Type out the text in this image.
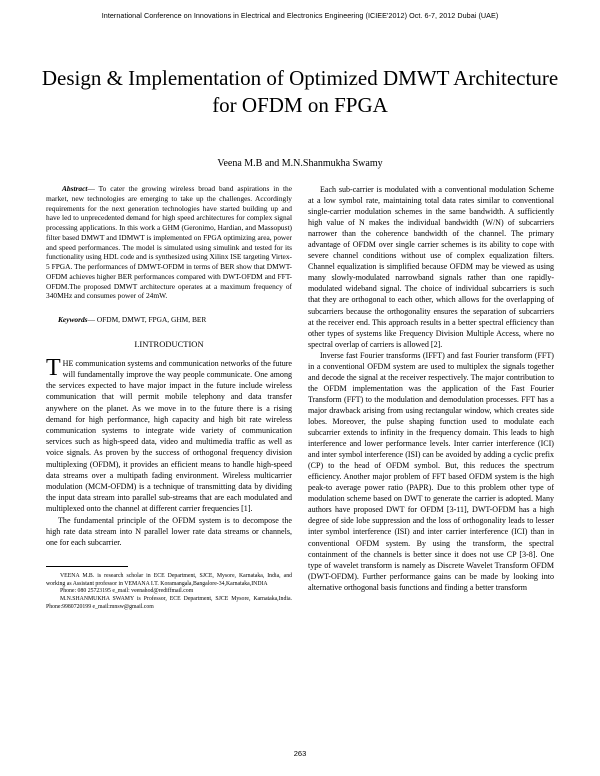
International Conference on Innovations in Electrical and Electronics Engineering (ICIEE'2012) Oct. 6-7, 2012 Dubai (UAE)
Design & Implementation of Optimized DMWT Architecture for OFDM on FPGA
Veena M.B and M.N.Shanmukha Swamy

Abstract— To cater the growing wireless broad band aspirations in the market, new technologies are emerging to take up the challenges. Accordingly requirements for the next generation technologies have started building up and have led to unprecedented demand for high speed architectures for complex signal processing applications. In this work a GHM (Geronimo, Hardian, and Massopust) filter based DMWT and IDMWT is implemented on FPGA optimizing area, power and speed performances. The model is simulated using simulink and tested for its functionality using HDL code and is synthesized using Xilinx ISE targeting Virtex-5 FPGA. The performances of DMWT-OFDM in terms of BER show that DMWT-OFDM achieves higher BER performances compared with DWT-OFDM and FFT-OFDM.The proposed DMWT architecture operates at a maximum frequency of 340MHz and consumes power of 24mW.

Keywords— OFDM, DMWT, FPGA, GHM, BER

I.INTRODUCTION

THE communication systems and communication networks of the future will fundamentally improve the way people communicate. One among the services expected to have major impact in the future include wireless communication that will permit mobile telephony and data transfer anywhere on the planet. As we move in to the future there is a rising demand for high performance, high capacity and high bit rate wireless communication systems to integrate wide variety of communication services such as high-speed data, video and multimedia traffic as well as voice signals. As proven by the success of orthogonal frequency division multiplexing (OFDM), it provides an efficient means to handle high-speed data streams over a multipath fading environment. Wireless multicarrier modulation (MCM-OFDM) is a technique of transmitting data by dividing the input data stream into parallel sub-streams that are each modulated and multiplexed onto the channel at different carrier frequencies [1].

The fundamental principle of the OFDM system is to decompose the high rate data stream into N parallel lower rate data streams or channels, one for each subcarrier.

VEENA M.B. is research scholar in ECE Department, SJCE, Mysore, Karnataka, India, and working as Assistant professor in VEMANA I.T. Koramangala,Bangalore-34,Karnataka,INDIA

Phone: 080 25723195 e_mail: veenahod@rediffmail.com

M.N.SHANMUKHA SWAMY is Professor, ECE Department, SJCE Mysore, Karnataka,India. Phone:9980720199 e_mail:mnsw@gmail.com

Each sub-carrier is modulated with a conventional modulation Scheme at a low symbol rate, maintaining total data rates similar to conventional single-carrier modulation schemes in the same bandwidth. A sufficiently high value of N makes the individual bandwidth (W/N) of subcarriers narrower than the coherence bandwidth of the channel. The primary advantage of OFDM over single carrier schemes is its ability to cope with severe channel conditions without use of complex equalization filters. Channel equalization is simplified because OFDM may be viewed as using many slowly-modulated narrowband signals rather than one rapidly-modulated wideband signal. The choice of individual subcarriers is such that they are orthogonal to each other, which allows for the overlapping of subcarriers because the orthogonality ensures the separation of subcarriers at the receiver end. This approach results in a better spectral efficiency than other types of systems like Frequency Division Multiple Access, where no spectral overlap of carriers is allowed [2].

Inverse fast Fourier transforms (IFFT) and fast Fourier transform (FFT) in a conventional OFDM system are used to multiplex the signals together and decode the signal at the receiver respectively. The major contribution to the OFDM implementation was the application of the Fast Fourier Transform (FFT) to the modulation and demodulation processes. FFT has a major drawback arising from using rectangular window, which creates side lobes. Moreover, the pulse shaping function used to modulate each subcarrier extends to infinity in the frequency domain. This leads to high interference and lower performance levels. Inter carrier interference (ICI) and inter symbol interference (ISI) can be avoided by adding a cyclic prefix (CP) to the head of OFDM symbol. But, this reduces the spectrum efficiency. Another major problem of FFT based OFDM system is the high peak-to average power ratio (PAPR). Due to this problem other type of modulation scheme based on DWT to generate the carrier is adopted. Many authors have proposed DWT for OFDM [3-11], DWT-OFDM has a high degree of side lobe suppression and the loss of orthogonality leads to lesser inter symbol interference (ISI) and inter carrier interference (ICI) than in conventional OFDM system. By using the transform, the spectral containment of the channels is better since it does not use CP [3-8]. One type of wavelet transform is namely as Discrete Wavelet Transform OFDM (DWT-OFDM). Further performance gains can be made by looking into alternative orthogonal basis functions and finding a better transform

263
